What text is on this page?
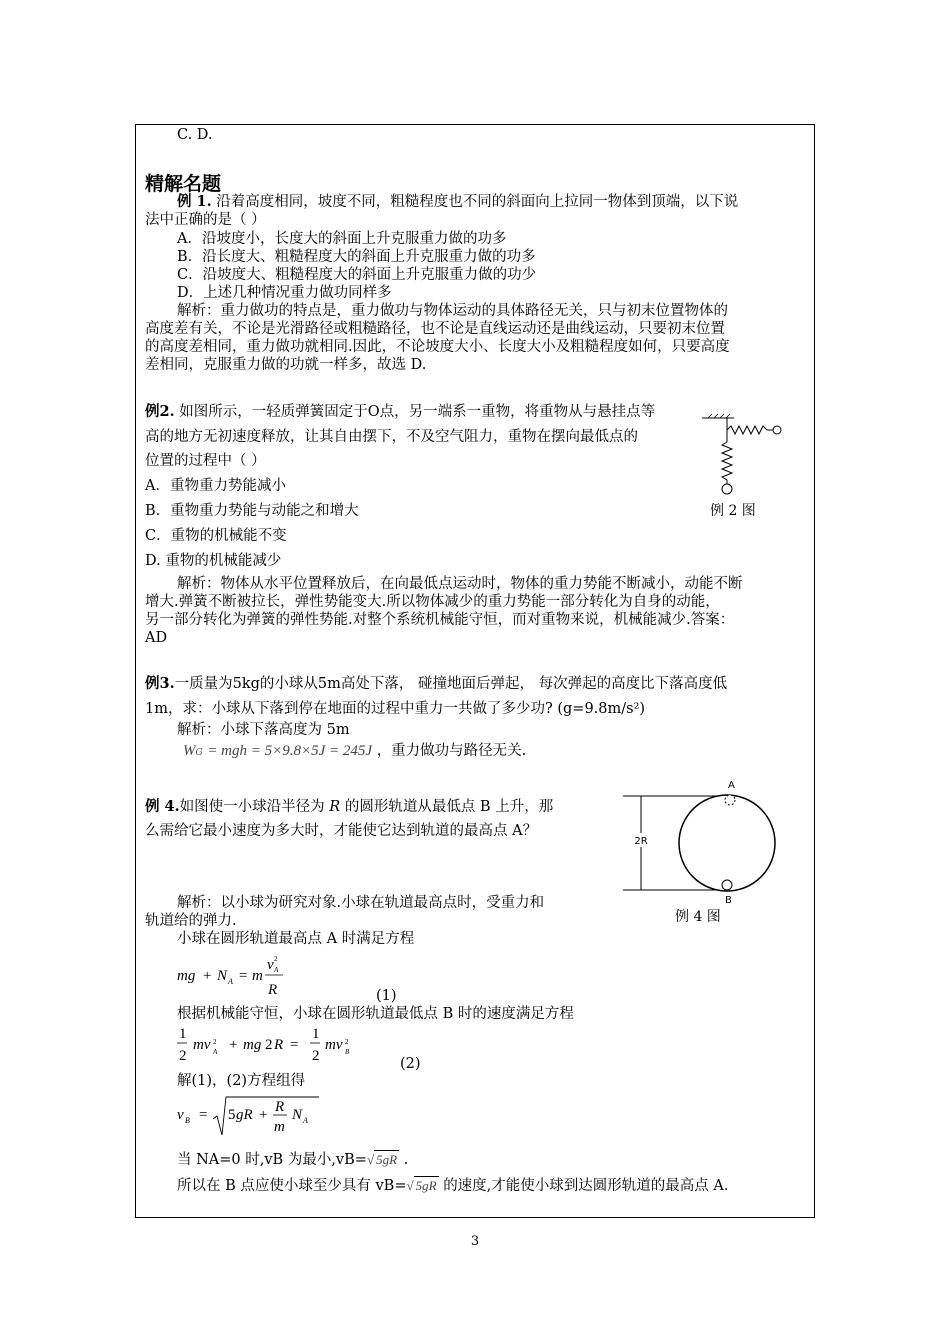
C. D.
精解名题
例 1. 沿着高度相同，坡度不同，粗糙程度也不同的斜面向上拉同一物体到顶端，以下说
法中正确的是（ ）
A．沿坡度小，长度大的斜面上升克服重力做的功多
B．沿长度大、粗糙程度大的斜面上升克服重力做的功多
C．沿坡度大、粗糙程度大的斜面上升克服重力做的功少
D．上述几种情况重力做功同样多
解析：重力做功的特点是，重力做功与物体运动的具体路径无关，只与初末位置物体的
高度差有关，不论是光滑路径或粗糙路径，也不论是直线运动还是曲线运动，只要初末位置
的高度差相同，重力做功就相同.因此，不论坡度大小、长度大小及粗糙程度如何，只要高度
差相同，克服重力做的功就一样多，故选 D.
例2. 如图所示，一轻质弹簧固定于O点，另一端系一重物，将重物从与悬挂点等
高的地方无初速度释放，让其自由摆下，不及空气阻力，重物在摆向最低点的
位置的过程中（ ）
A．重物重力势能减小
B．重物重力势能与动能之和增大
C．重物的机械能不变
D. 重物的机械能减少
例 2 图
解析：物体从水平位置释放后，在向最低点运动时，物体的重力势能不断减小，动能不断
增大.弹簧不断被拉长，弹性势能变大.所以物体减少的重力势能一部分转化为自身的动能，
另一部分转化为弹簧的弹性势能.对整个系统机械能守恒，而对重物来说，机械能减少.答案：
AD
例3.一质量为5kg的小球从5m高处下落， 碰撞地面后弹起， 每次弹起的高度比下落高度低
1m，求：小球从下落到停在地面的过程中重力一共做了多少功? (g=9.8m/s²)
解析：小球下落高度为 5m
WG = mgh = 5×9.8×5J = 245J ，重力做功与路径无关.
例 4.如图使一小球沿半径为 R 的圆形轨道从最低点 B 上升，那
么需给它最小速度为多大时，才能使它达到轨道的最高点 A？
2R
A
B
例 4 图
解析：以小球为研究对象.小球在轨道最高点时，受重力和
轨道给的弹力.
小球在圆形轨道最高点 A 时满足方程
mg + N A = m
v 2
A
R	(1)
根据机械能守恒，小球在圆形轨道最低点 B 时的速度满足方程
1
2
mv 2
A + mg 2 R =
1
2
mv 2
B
(2)
解(1)，(2)方程组得
v B = 5 gR + R
m
N A
当 NA=0 时,vB 为最小,vB=√ 5gR .
所以在 B 点应使小球至少具有 vB=√ 5gR 的速度,才能使小球到达圆形轨道的最高点 A.
3
